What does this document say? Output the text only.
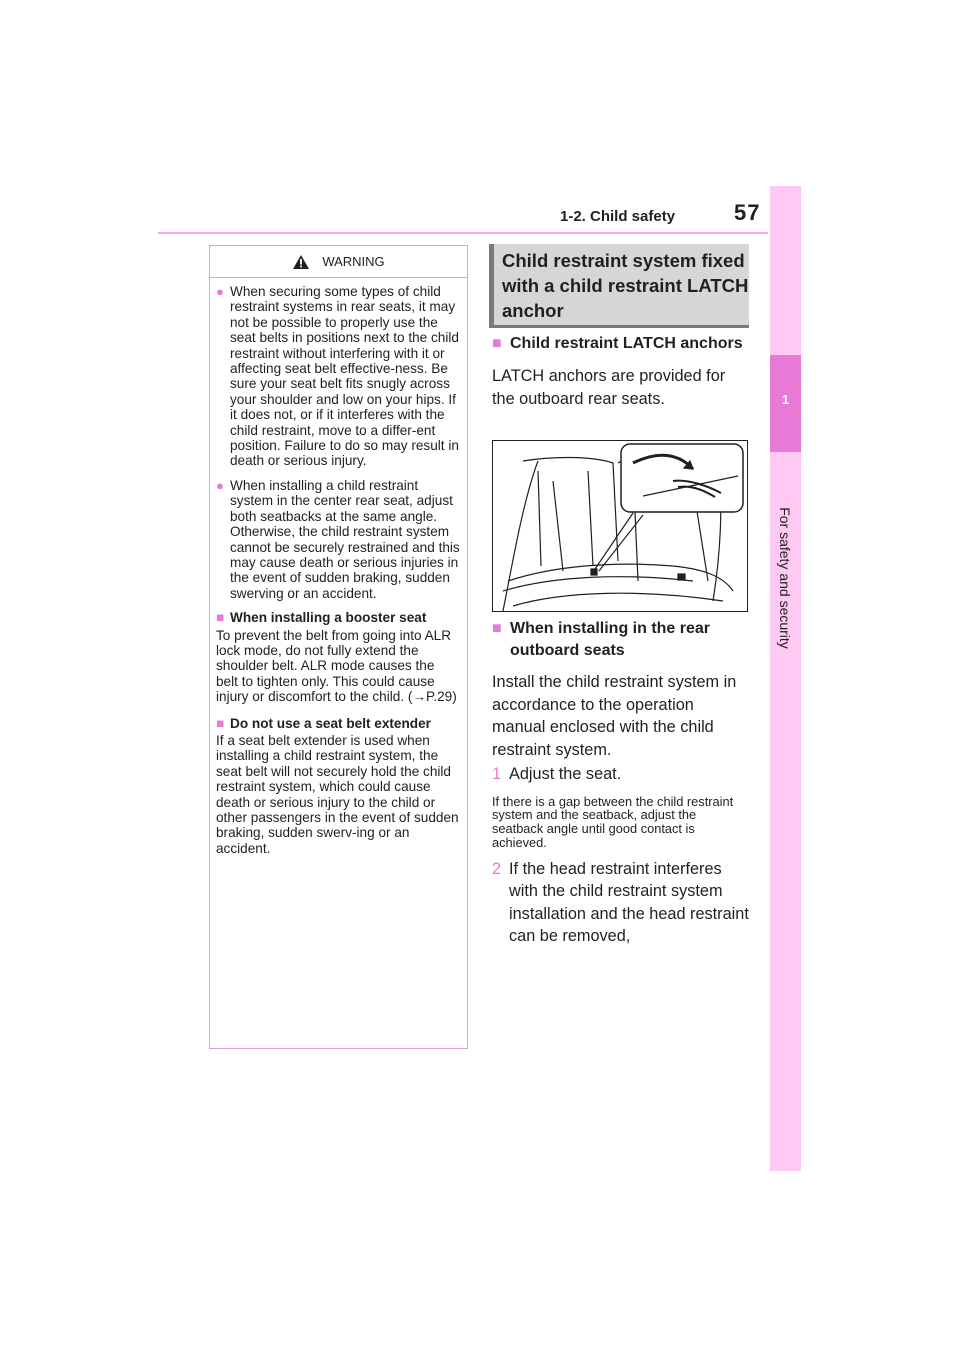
1-2. Child safety	57
1
For safety and security
WARNING
● When securing some types of child restraint systems in rear seats, it may not be possible to properly use the seat belts in positions next to the child restraint without interfering with it or affecting seat belt effective-ness. Be sure your seat belt fits snugly across your shoulder and low on your hips. If it does not, or if it interferes with the child restraint, move to a differ-ent position. Failure to do so may result in death or serious injury.
● When installing a child restraint system in the center rear seat, adjust both seatbacks at the same angle. Otherwise, the child restraint system cannot be securely restrained and this may cause death or serious injuries in the event of sudden braking, sudden swerving or an accident.
■ When installing a booster seat
To prevent the belt from going into ALR lock mode, do not fully extend the shoulder belt. ALR mode causes the belt to tighten only. This could cause injury or discomfort to the child. (→P.29)
■ Do not use a seat belt extender
If a seat belt extender is used when installing a child restraint system, the seat belt will not securely hold the child restraint system, which could cause death or serious injury to the child or other passengers in the event of sudden braking, sudden swerv-ing or an accident.
Child restraint system fixed with a child restraint LATCH anchor
■ Child restraint LATCH anchors
LATCH anchors are provided for the outboard rear seats.
■ When installing in the rear outboard seats
Install the child restraint system in accordance to the operation manual enclosed with the child restraint system.
1 Adjust the seat.
If there is a gap between the child restraint system and the seatback, adjust the seatback angle until good contact is achieved.
2 If the head restraint interferes with the child restraint system installation and the head restraint can be removed,
